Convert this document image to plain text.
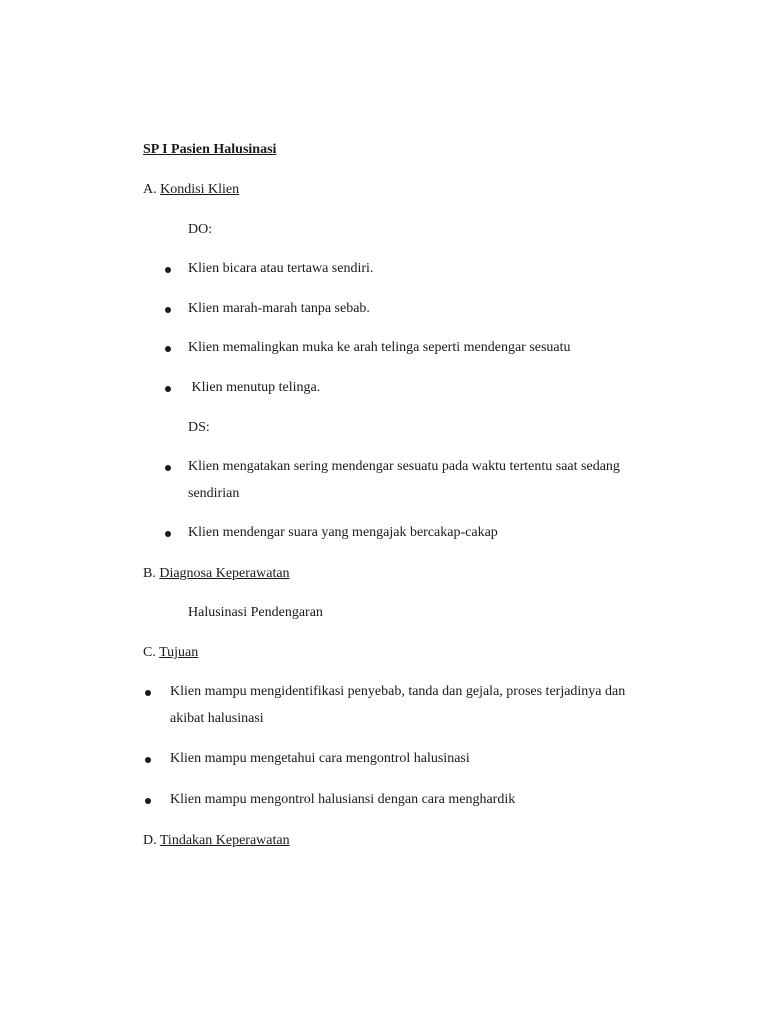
SP I Pasien Halusinasi
A. Kondisi Klien
DO:
Klien bicara atau tertawa sendiri.
Klien marah-marah tanpa sebab.
Klien memalingkan muka ke arah telinga seperti mendengar sesuatu
Klien menutup telinga.
DS:
Klien mengatakan sering mendengar sesuatu pada waktu tertentu saat sedang
sendirian
Klien mendengar suara yang mengajak bercakap-cakap
B. Diagnosa Keperawatan
Halusinasi Pendengaran
C. Tujuan
Klien mampu mengidentifikasi penyebab, tanda dan gejala, proses terjadinya dan
akibat halusinasi
Klien mampu mengetahui cara mengontrol halusinasi
Klien mampu mengontrol halusiansi dengan cara menghardik
D. Tindakan Keperawatan
